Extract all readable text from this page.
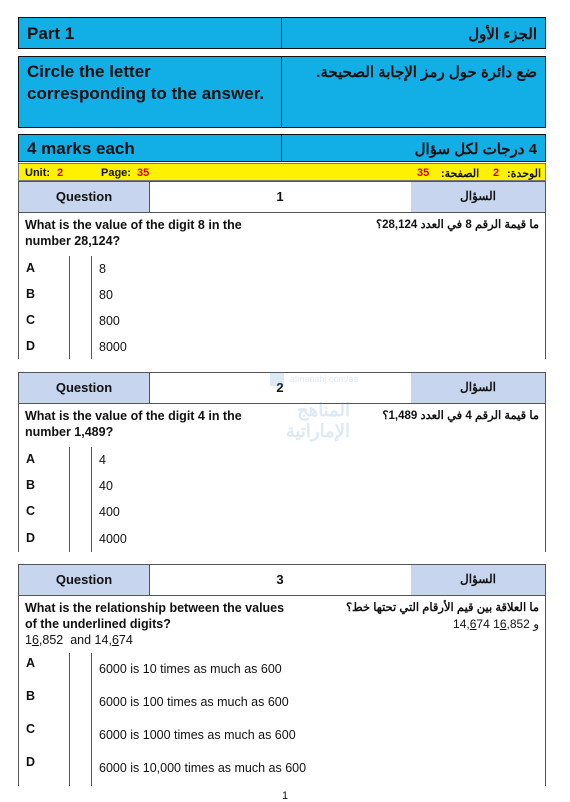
Part 1	الجزء الأول
Circle the letter corresponding to the answer.
ضع دائرة حول رمز الإجابة الصحيحة.
4 marks each	4 درجات لكل سؤال
Unit: 2	Page: 35	35 الصفحة: 2 الوحدة:
Question	1	السؤال
What is the value of the digit 8 in the number 28,124?
ما قيمة الرقم 8 في العدد 28,124؟
A	8
B	80
C	800
D	8000
Question	2	السؤال
What is the value of the digit 4 in the number 1,489?
ما قيمة الرقم 4 في العدد 1,489؟
A	4
B	40
C	400
D	4000
almanahj.com/ae
المناهج الإماراتية
Question	3	السؤال
What is the relationship between the values of the underlined digits?
16,852 and 14,674
ما العلاقة بين قيم الأرقام التي تحتها خط؟
14,674	و 16,852
A	6000 is 10 times as much as 600
B	6000 is 100 times as much as 600
C	6000 is 1000 times as much as 600
D	6000 is 10,000 times as much as 600
1
